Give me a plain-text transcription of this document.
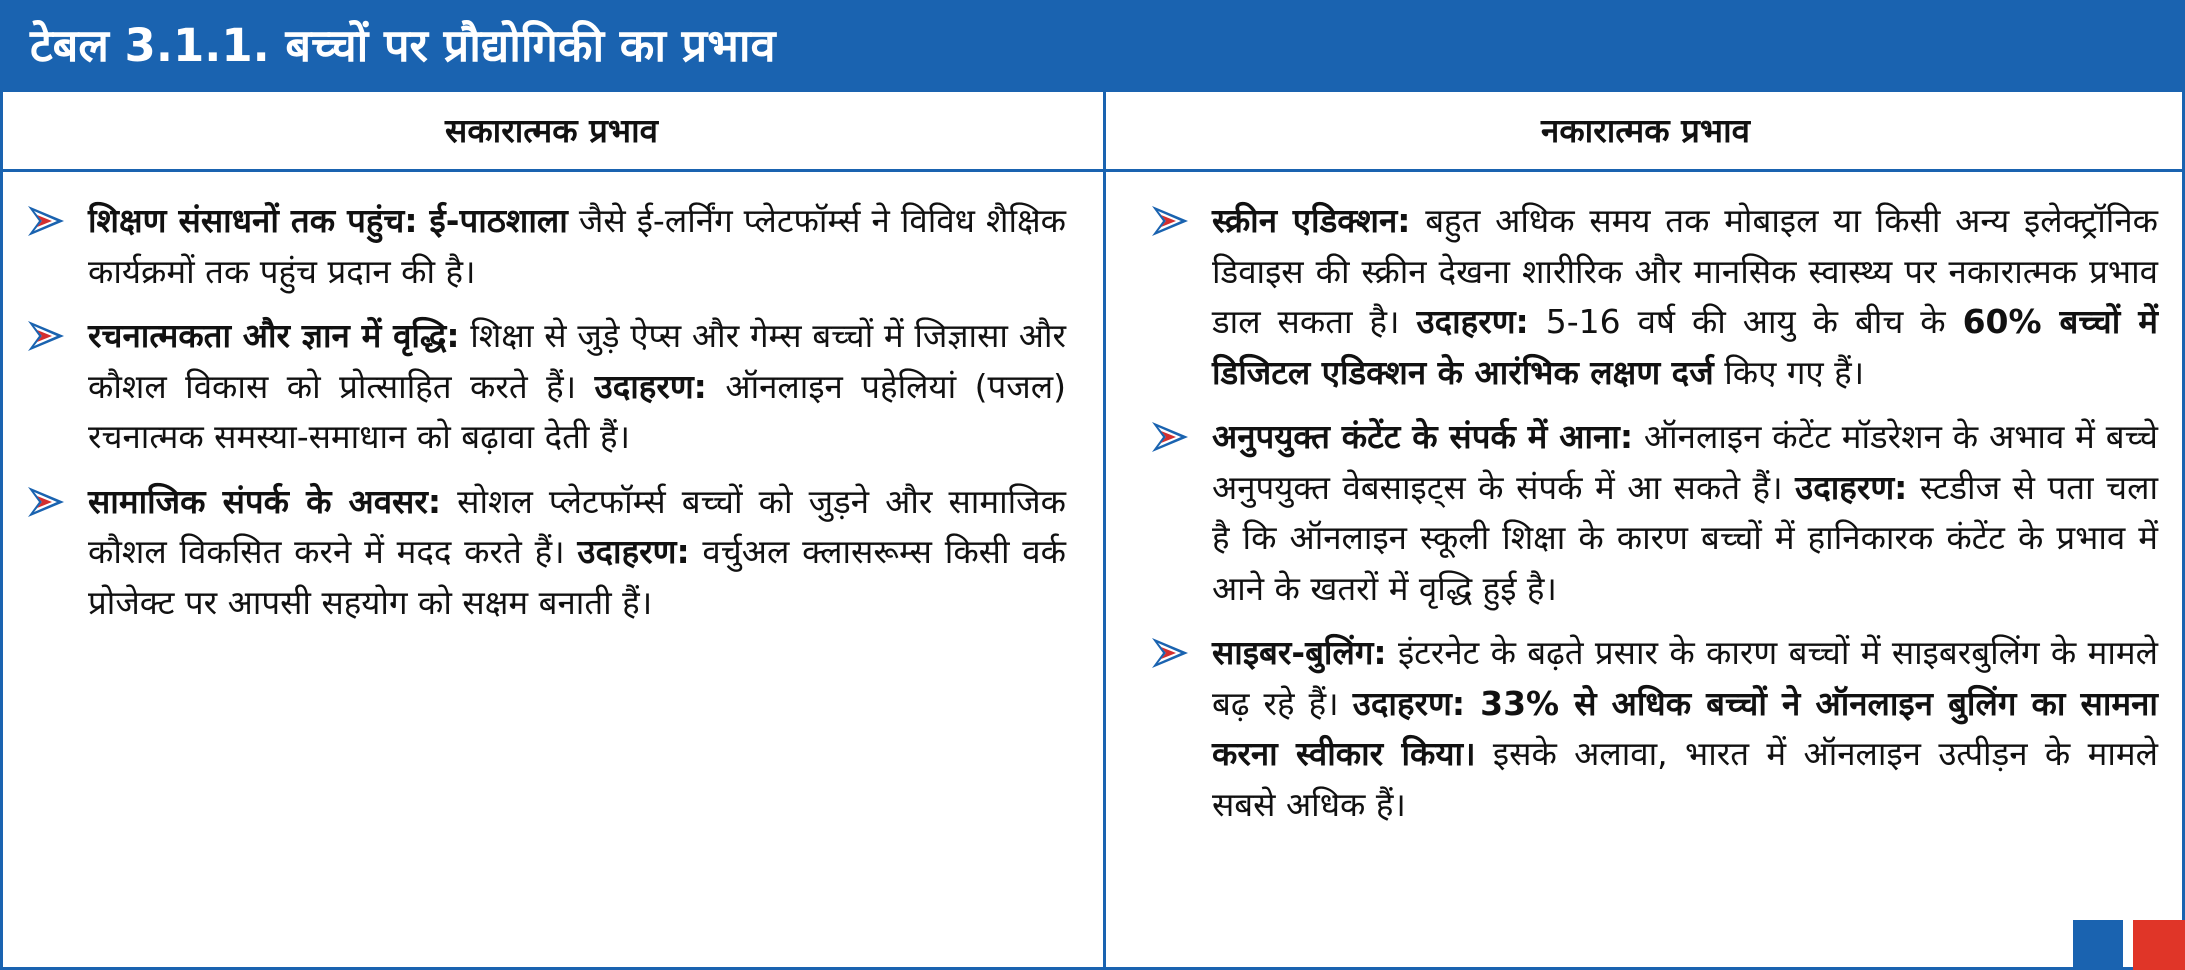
टेबल 3.1.1. बच्चों पर प्रौद्योगिकी का प्रभाव
सकारात्मक प्रभाव	नकारात्मक प्रभाव
शिक्षण संसाधनों तक पहुंच: ई-पाठशाला जैसे ई-लर्निंग प्लेटफॉर्म्स ने विविध शैक्षिक कार्यक्रमों तक पहुंच प्रदान की है।
रचनात्मकता और ज्ञान में वृद्धि: शिक्षा से जुड़े ऐप्स और गेम्स बच्चों में जिज्ञासा और कौशल विकास को प्रोत्साहित करते हैं। उदाहरण: ऑनलाइन पहेलियां (पजल) रचनात्मक समस्या-समाधान को बढ़ावा देती हैं।
सामाजिक संपर्क के अवसर: सोशल प्लेटफॉर्म्स बच्चों को जुड़ने और सामाजिक कौशल विकसित करने में मदद करते हैं। उदाहरण: वर्चुअल क्लासरूम्स किसी वर्क प्रोजेक्ट पर आपसी सहयोग को सक्षम बनाती हैं।
स्क्रीन एडिक्शन: बहुत अधिक समय तक मोबाइल या किसी अन्य इलेक्ट्रॉनिक डिवाइस की स्क्रीन देखना शारीरिक और मानसिक स्वास्थ्य पर नकारात्मक प्रभाव डाल सकता है। उदाहरण: 5-16 वर्ष की आयु के बीच के 60% बच्चों में डिजिटल एडिक्शन के आरंभिक लक्षण दर्ज किए गए हैं।
अनुपयुक्त कंटेंट के संपर्क में आना: ऑनलाइन कंटेंट मॉडरेशन के अभाव में बच्चे अनुपयुक्त वेबसाइट्स के संपर्क में आ सकते हैं। उदाहरण: स्टडीज से पता चला है कि ऑनलाइन स्कूली शिक्षा के कारण बच्चों में हानिकारक कंटेंट के प्रभाव में आने के खतरों में वृद्धि हुई है।
साइबर-बुलिंग: इंटरनेट के बढ़ते प्रसार के कारण बच्चों में साइबरबुलिंग के मामले बढ़ रहे हैं। उदाहरण: 33% से अधिक बच्चों ने ऑनलाइन बुलिंग का सामना करना स्वीकार किया। इसके अलावा, भारत में ऑनलाइन उत्पीड़न के मामले सबसे अधिक हैं।
